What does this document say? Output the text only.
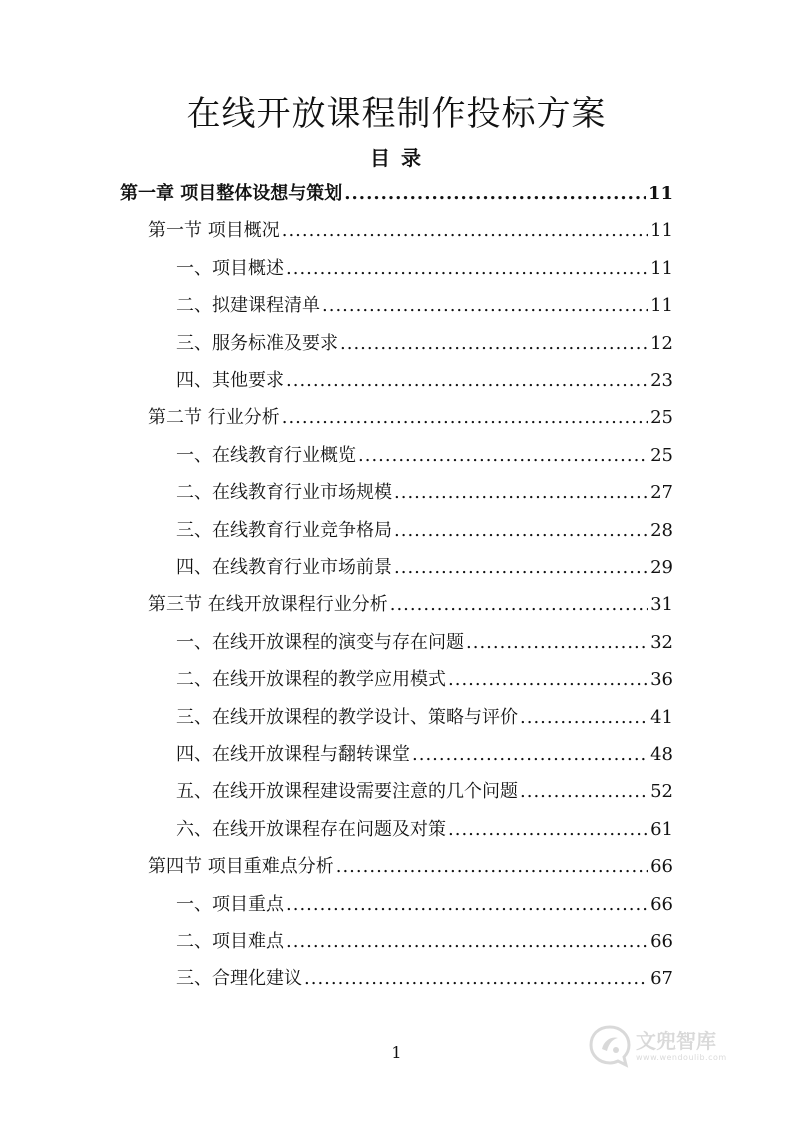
在线开放课程制作投标方案
目 录
第一章 项目整体设想与策划 .....	11
第一节 项目概况 .....	11
一、项目概述 .....	11
二、拟建课程清单 .....	11
三、服务标准及要求 .....	12
四、其他要求 .....	23
第二节 行业分析 .....	25
一、在线教育行业概览 .....	25
二、在线教育行业市场规模 .....	27
三、在线教育行业竞争格局 .....	28
四、在线教育行业市场前景 .....	29
第三节 在线开放课程行业分析 .....	31
一、在线开放课程的演变与存在问题 .....	32
二、在线开放课程的教学应用模式 .....	36
三、在线开放课程的教学设计、策略与评价 .....	41
四、在线开放课程与翻转课堂 .....	48
五、在线开放课程建设需要注意的几个问题 .....	52
六、在线开放课程存在问题及对策 .....	61
第四节 项目重难点分析 .....	66
一、项目重点 .....	66
二、项目难点 .....	66
三、合理化建议 .....	67
1	文兜智库
www.wendoulib.com
